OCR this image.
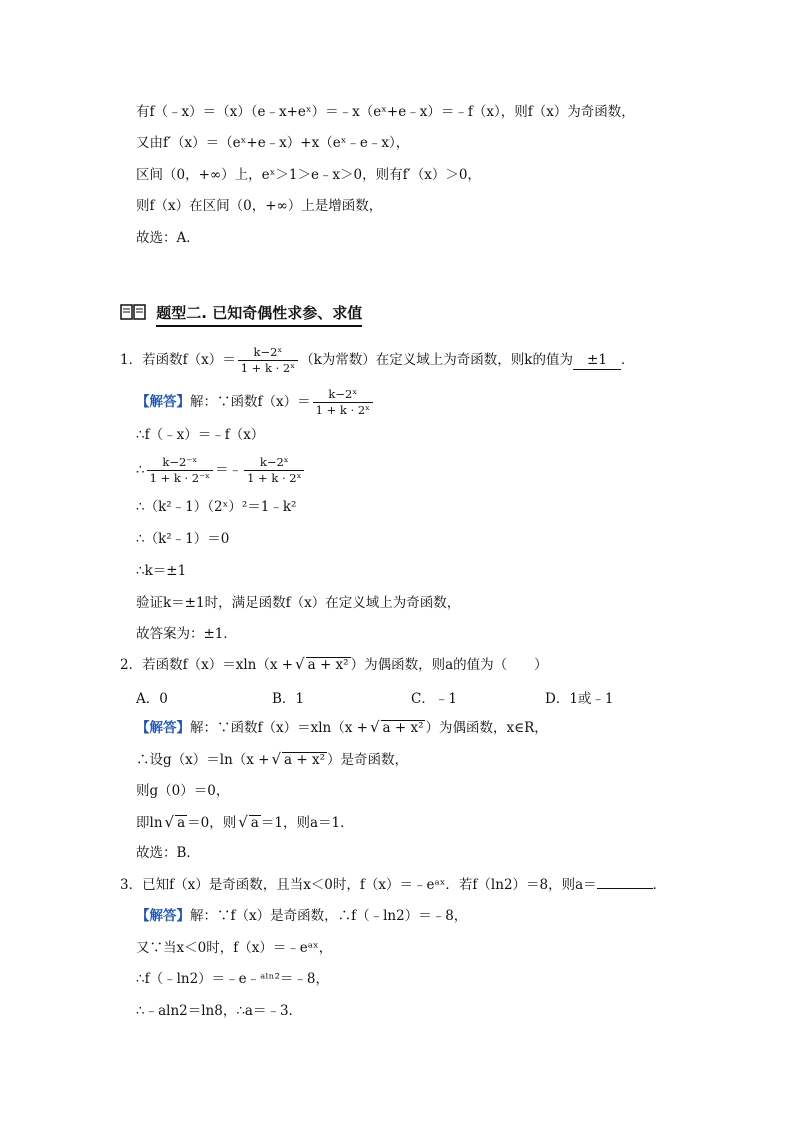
有f（﹣x）＝（x）（e﹣x+eˣ）＝﹣x（eˣ+e﹣x）＝﹣f（x），则f（x）为奇函数，
又由f′（x）＝（eˣ+e﹣x）+x（eˣ﹣e﹣x），
区间（0，+∞）上，eˣ＞1＞e﹣x＞0，则有f′（x）＞0，
则f（x）在区间（0，+∞）上是增函数，
故选：A．
题型二. 已知奇偶性求参、求值
1．若函数$f(x)= \frac{\text{k−2ˣ}}{\text{1 + k · 2ˣ}} (k$为常数）在定义域上为奇函数，则k的值为 ±1 ．
【解答】解：∵函数$f(x)= \frac{\text{k−2ˣ}}{\text{1 + k · 2ˣ}}$
∴f（﹣x）＝﹣f（x）
∴ $\frac{\text{k−2⁻ˣ}}{\text{1 + k · 2⁻ˣ}}$ ＝﹣ $\frac{\text{k−2ˣ}}{\text{1 + k · 2ˣ}}$
∴（k²﹣1）（2ˣ）²＝1﹣k²
∴（k²﹣1）＝0
∴k＝±1
验证k＝±1时，满足函数f（x）在定义域上为奇函数，
故答案为：±1．
2．若函数f（x）＝xln（x + √ a + x² ）为偶函数，则a的值为（　　）
A．0	B．1	C．﹣1	D．1或﹣1
【解答】解：∵函数f（x）＝xln（x + √ a + x² ）为偶函数，x∈R，
∴设g（x）＝ln（x + √ a + x² ）是奇函数，
则g（0）＝0，
即ln √ a ＝0，则 √ a ＝1，则a＝1．
故选：B．
3．已知f（x）是奇函数，且当x＜0时，f（x）＝﹣eᵃˣ．若f（ln2）＝8，则a＝	．
【解答】解：∵f（x）是奇函数，∴f（﹣ln2）＝﹣8，
又∵当x＜0时，f（x）＝﹣eᵃˣ，
∴f（﹣ln2）＝﹣e﹣ᵃˡⁿ²＝﹣8，
∴﹣aln2＝ln8，∴a＝﹣3．
